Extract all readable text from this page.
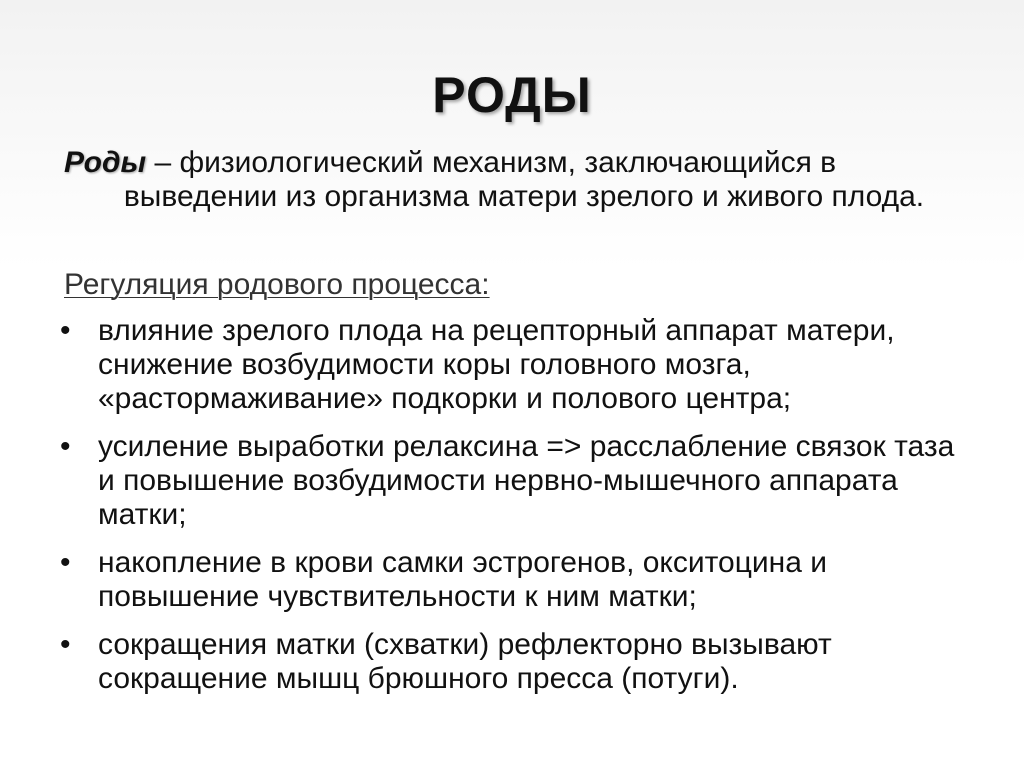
РОДЫ
Роды – физиологический механизм, заключающийся в
выведении из организма матери зрелого и живого плода.
Регуляция родового процесса:
• влияние зрелого плода на рецепторный аппарат матери, снижение возбудимости коры головного мозга, «растормаживание» подкорки и полового центра;
• усиление выработки релаксина => расслабление связок таза и повышение возбудимости нервно-мышечного аппарата матки;
• накопление в крови самки эстрогенов, окситоцина и повышение чувствительности к ним матки;
• сокращения матки (схватки) рефлекторно вызывают сокращение мышц брюшного пресса (потуги).
